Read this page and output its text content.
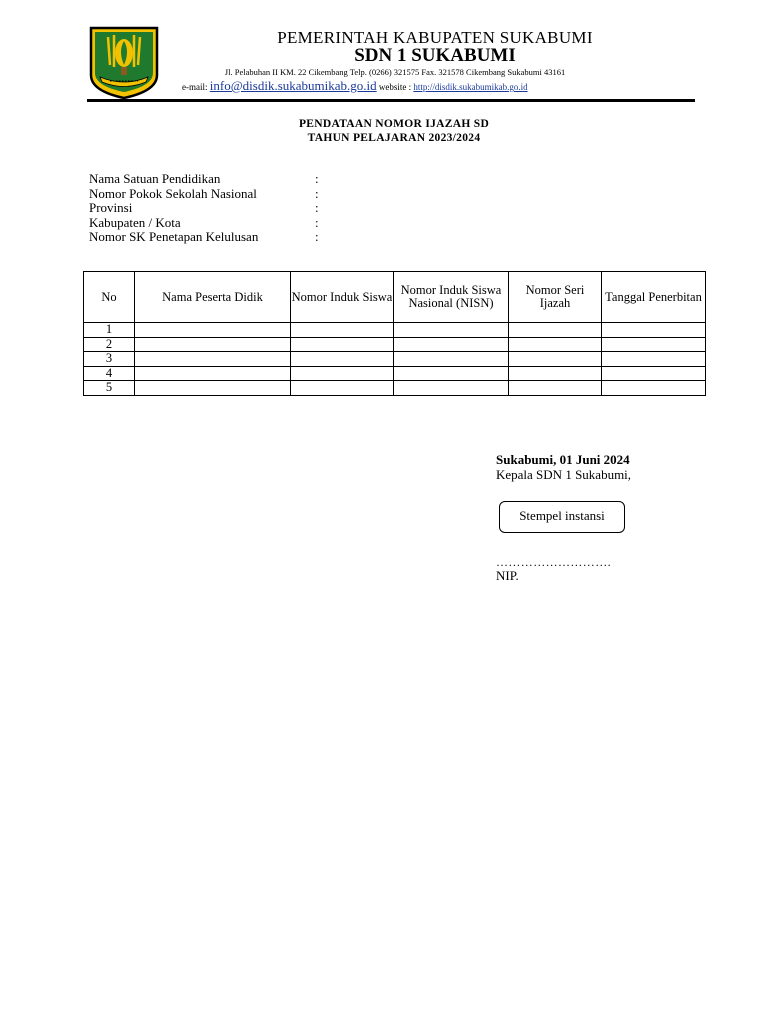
PEMERINTAH KABUPATEN SUKABUMI
SDN 1 SUKABUMI
Jl. Pelabuhan II KM. 22 Cikembang Telp. (0266) 321575 Fax. 321578 Cikembang Sukabumi 43161
e-mail: info@disdik.sukabumikab.go.id website : http://disdik.sukabumikab.go.id
PENDATAAN NOMOR IJAZAH SD
TAHUN PELAJARAN 2023/2024
Nama Satuan Pendidikan	:
Nomor Pokok Sekolah Nasional	:
Provinsi	:
Kabupaten / Kota	:
Nomor SK Penetapan Kelulusan	:
No	Nama Peserta Didik	Nomor Induk Siswa	Nomor Induk Siswa Nasional (NISN)	Nomor Seri Ijazah	Tanggal Penerbitan
1					
2					
3					
4					
5					
Sukabumi, 01 Juni 2024
Kepala SDN 1 Sukabumi,
Stempel instansi
……………………….
NIP.
